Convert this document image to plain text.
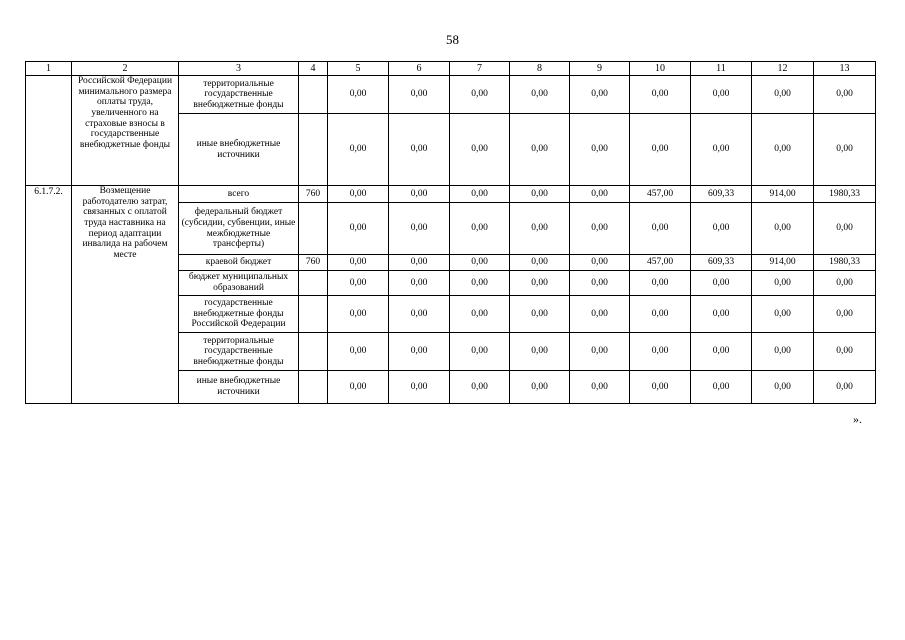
58
1	2	3	4	5	6	7	8	9	10	11	12	13
	Российской Федерации минимального размера оплаты труда, увеличенного на страховые взносы в государственные внебюджетные фонды	территориальные государственные внебюджетные фонды		0,00	0,00	0,00	0,00	0,00	0,00	0,00	0,00	0,00
		иные внебюджетные источники		0,00	0,00	0,00	0,00	0,00	0,00	0,00	0,00	0,00
6.1.7.2.	Возмещение работодателю затрат, связанных с оплатой труда наставника на период адаптации инвалида на рабочем месте	всего	760	0,00	0,00	0,00	0,00	0,00	457,00	609,33	914,00	1980,33
		федеральный бюджет (субсидии, субвенции, иные межбюджетные трансферты)		0,00	0,00	0,00	0,00	0,00	0,00	0,00	0,00	0,00
		краевой бюджет	760	0,00	0,00	0,00	0,00	0,00	457,00	609,33	914,00	1980,33
		бюджет муниципальных образований		0,00	0,00	0,00	0,00	0,00	0,00	0,00	0,00	0,00
		государственные внебюджетные фонды Российской Федерации		0,00	0,00	0,00	0,00	0,00	0,00	0,00	0,00	0,00
		территориальные государственные внебюджетные фонды		0,00	0,00	0,00	0,00	0,00	0,00	0,00	0,00	0,00
		иные внебюджетные источники		0,00	0,00	0,00	0,00	0,00	0,00	0,00	0,00	0,00
».
